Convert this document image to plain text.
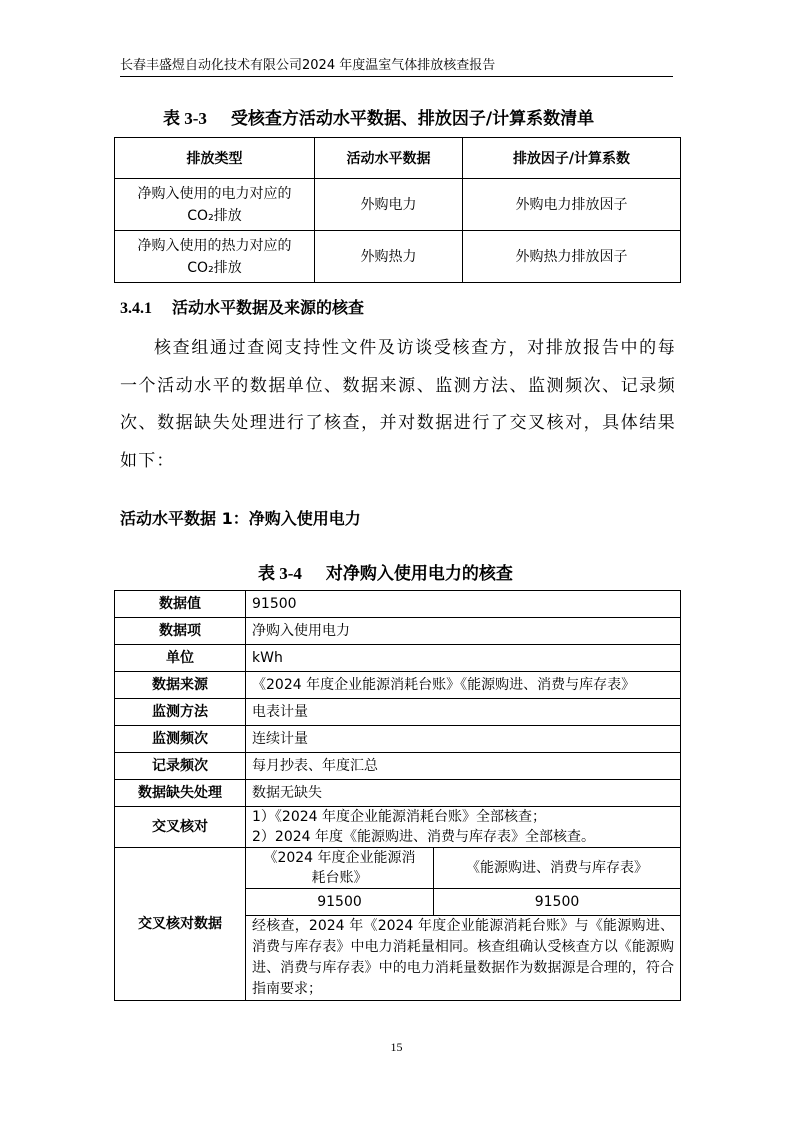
长春丰盛煜自动化技术有限公司2024 年度温室气体排放核查报告
表 3-3 受核查方活动水平数据、排放因子/计算系数清单
排放类型	活动水平数据	排放因子/计算系数
净购入使用的电力对应的
CO₂排放	外购电力	外购电力排放因子
净购入使用的热力对应的
CO₂排放	外购热力	外购热力排放因子
3.4.1 活动水平数据及来源的核查
核查组通过查阅支持性文件及访谈受核查方，对排放报告中的每一个活动水平的数据单位、数据来源、监测方法、监测频次、记录频次、数据缺失处理进行了核查，并对数据进行了交叉核对，具体结果如下：
活动水平数据 1：净购入使用电力
表 3-4 对净购入使用电力的核查
数据值	91500	
数据项	净购入使用电力	
单位	kWh	
数据来源	《2024 年度企业能源消耗台账》《能源购进、消费与库存表》	
监测方法	电表计量	
监测频次	连续计量	
记录频次	每月抄表、年度汇总	
数据缺失处理	数据无缺失	
交叉核对	1）《2024 年度企业能源消耗台账》全部核查；
2）2024 年度《能源购进、消费与库存表》全部核查。	
交叉核对数据	《2024 年度企业能源消
耗台账》	《能源购进、消费与库存表》
	91500	91500
	经核查，2024 年《2024 年度企业能源消耗台账》与《能源购进、消费与库存表》中电力消耗量相同。核查组确认受核查方以《能源购进、消费与库存表》中的电力消耗量数据作为数据源是合理的，符合指南要求；	
15
